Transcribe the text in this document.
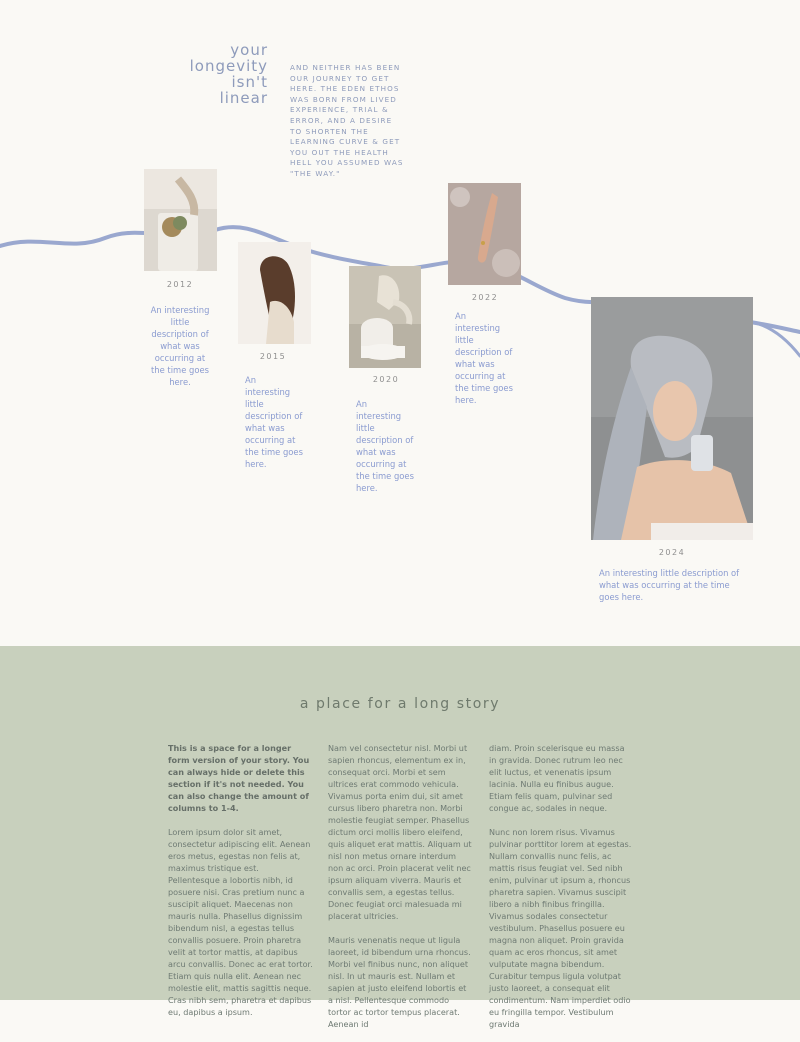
your
longevity
isn't
linear
AND NEITHER HAS BEEN OUR JOURNEY TO GET HERE. THE EDEN ETHOS WAS BORN FROM LIVED EXPERIENCE, TRIAL & ERROR, AND A DESIRE TO SHORTEN THE LEARNING CURVE & GET YOU OUT THE HEALTH HELL YOU ASSUMED WAS "THE WAY."
2012
An interesting little description of what was occurring at the time goes here.
2015
An interesting little description of what was occurring at the time goes here.
2020
An interesting little description of what was occurring at the time goes here.
2022
An interesting little description of what was occurring at the time goes here.
2024
An interesting little description of what was occurring at the time goes here.
a place for a long story

This is a space for a longer form version of your story. You can always hide or delete this section if it's not needed. You can also change the amount of columns to 1-4.

Lorem ipsum dolor sit amet, consectetur adipiscing elit. Aenean eros metus, egestas non felis at, maximus tristique est. Pellentesque a lobortis nibh, id posuere nisi. Cras pretium nunc a suscipit aliquet. Maecenas non mauris nulla. Phasellus dignissim bibendum nisl, a egestas tellus convallis posuere. Proin pharetra velit at tortor mattis, at dapibus arcu convallis. Donec ac erat tortor. Etiam quis nulla elit. Aenean nec molestie elit, mattis sagittis neque. Cras nibh sem, pharetra et dapibus eu, dapibus a ipsum.

Nam vel consectetur nisl. Morbi ut sapien rhoncus, elementum ex in, consequat orci. Morbi et sem ultrices erat commodo vehicula. Vivamus porta enim dui, sit amet cursus libero pharetra non. Morbi molestie feugiat semper. Phasellus dictum orci mollis libero eleifend, quis aliquet erat mattis. Aliquam ut nisl non metus ornare interdum non ac orci. Proin placerat velit nec ipsum aliquam viverra. Mauris et convallis sem, a egestas tellus. Donec feugiat orci malesuada mi placerat ultricies.

Mauris venenatis neque ut ligula laoreet, id bibendum urna rhoncus. Morbi vel finibus nunc, non aliquet nisl. In ut mauris est. Nullam et sapien at justo eleifend lobortis et a nisl. Pellentesque commodo tortor ac tortor tempus placerat. Aenean id

diam. Proin scelerisque eu massa in gravida. Donec rutrum leo nec elit luctus, et venenatis ipsum lacinia. Nulla eu finibus augue. Etiam felis quam, pulvinar sed congue ac, sodales in neque.

Nunc non lorem risus. Vivamus pulvinar porttitor lorem at egestas. Nullam convallis nunc felis, ac mattis risus feugiat vel. Sed nibh enim, pulvinar ut ipsum a, rhoncus pharetra sapien. Vivamus suscipit libero a nibh finibus fringilla. Vivamus sodales consectetur vestibulum. Phasellus posuere eu magna non aliquet. Proin gravida quam ac eros rhoncus, sit amet vulputate magna bibendum. Curabitur tempus ligula volutpat justo laoreet, a consequat elit condimentum. Nam imperdiet odio eu fringilla tempor. Vestibulum gravida
